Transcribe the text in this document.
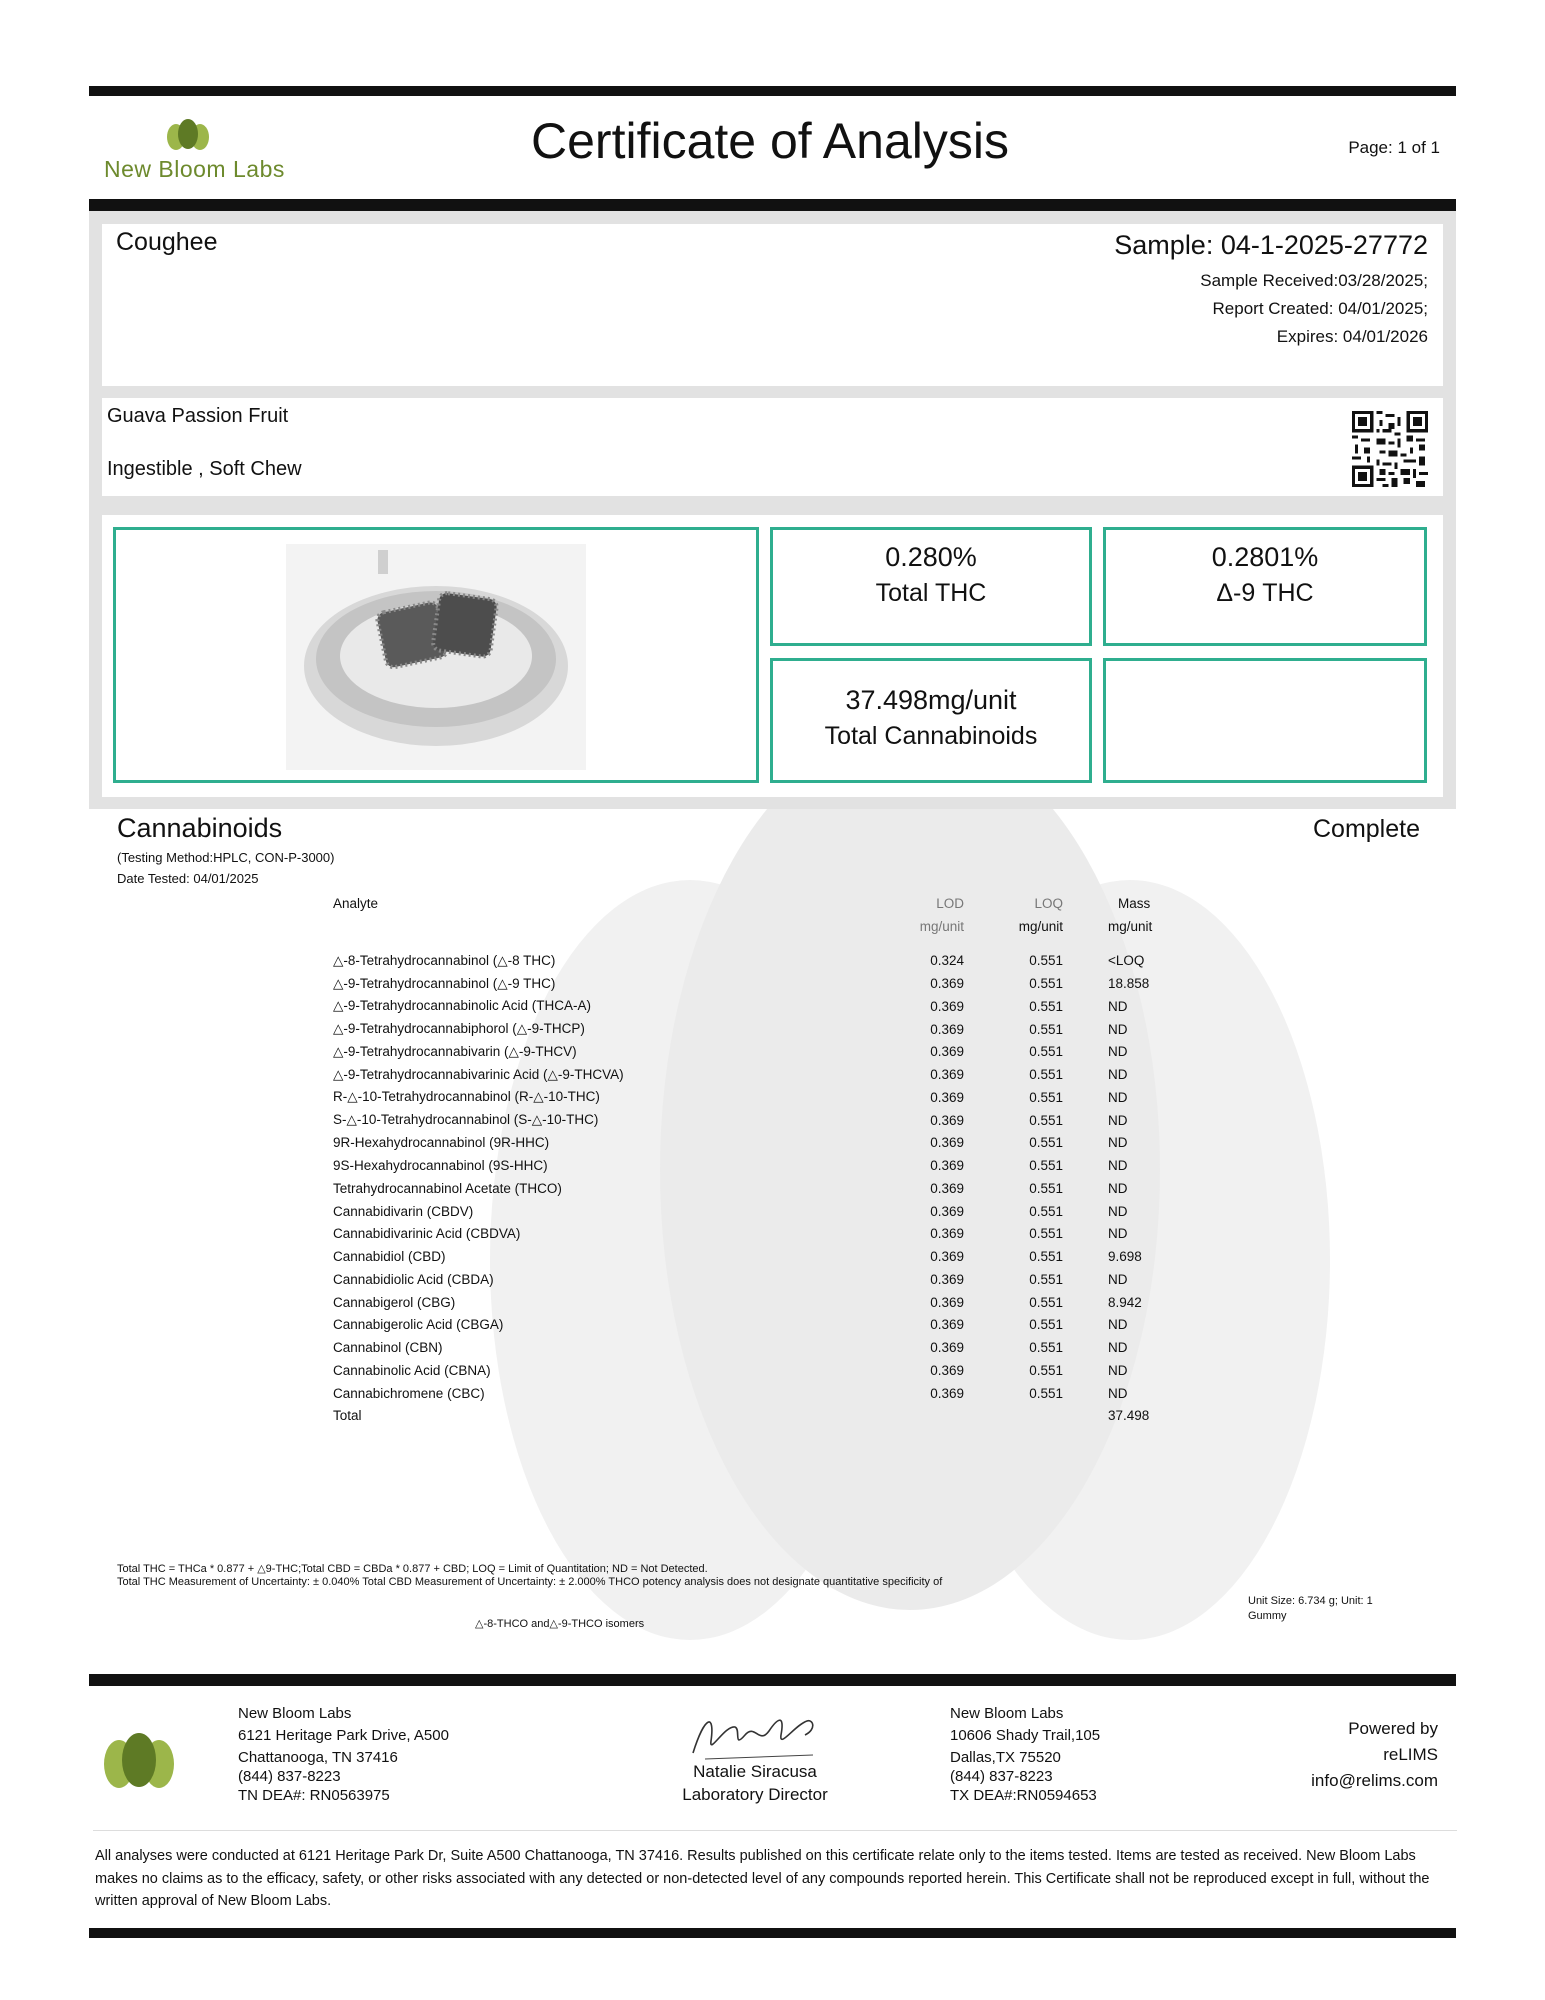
New Bloom Labs	Certificate of Analysis	Page: 1 of 1
Coughee	Sample: 04-1-2025-27772
Sample Received:03/28/2025;
Report Created: 04/01/2025;
Expires: 04/01/2026
Guava Passion Fruit
Ingestible , Soft Chew
0.280%
Total THC
0.2801%
Δ-9 THC
37.498mg/unit
Total Cannabinoids
Cannabinoids	Complete
(Testing Method:HPLC, CON-P-3000)
Date Tested: 04/01/2025
Analyte	LOD	LOQ	Mass
	mg/unit	mg/unit	mg/unit

△-8-Tetrahydrocannabinol (△-8 THC)	0.324	0.551	<LOQ
△-9-Tetrahydrocannabinol (△-9 THC)	0.369	0.551	18.858
△-9-Tetrahydrocannabinolic Acid (THCA-A)	0.369	0.551	ND
△-9-Tetrahydrocannabiphorol (△-9-THCP)	0.369	0.551	ND
△-9-Tetrahydrocannabivarin (△-9-THCV)	0.369	0.551	ND
△-9-Tetrahydrocannabivarinic Acid (△-9-THCVA)	0.369	0.551	ND
R-△-10-Tetrahydrocannabinol (R-△-10-THC)	0.369	0.551	ND
S-△-10-Tetrahydrocannabinol (S-△-10-THC)	0.369	0.551	ND
9R-Hexahydrocannabinol (9R-HHC)	0.369	0.551	ND
9S-Hexahydrocannabinol (9S-HHC)	0.369	0.551	ND
Tetrahydrocannabinol Acetate (THCO)	0.369	0.551	ND
Cannabidivarin (CBDV)	0.369	0.551	ND
Cannabidivarinic Acid (CBDVA)	0.369	0.551	ND
Cannabidiol (CBD)	0.369	0.551	9.698
Cannabidiolic Acid (CBDA)	0.369	0.551	ND
Cannabigerol (CBG)	0.369	0.551	8.942
Cannabigerolic Acid (CBGA)	0.369	0.551	ND
Cannabinol (CBN)	0.369	0.551	ND
Cannabinolic Acid (CBNA)	0.369	0.551	ND
Cannabichromene (CBC)	0.369	0.551	ND
Total			37.498
Total THC = THCa * 0.877 + △9-THC;Total CBD = CBDa * 0.877 + CBD; LOQ = Limit of Quantitation; ND = Not Detected.
Total THC Measurement of Uncertainty: ± 0.040% Total CBD Measurement of Uncertainty: ± 2.000% THCO potency analysis does not designate quantitative specificity of
△-8-THCO and△-9-THCO isomers
Unit Size: 6.734 g; Unit: 1 Gummy
New Bloom Labs
6121 Heritage Park Drive, A500
Chattanooga, TN 37416
(844) 837-8223
TN DEA#: RN0563975
Natalie Siracusa
Laboratory Director
New Bloom Labs
10606 Shady Trail,105
Dallas,TX 75520
(844) 837-8223
TX DEA#:RN0594653
Powered by
reLIMS
info@relims.com
All analyses were conducted at 6121 Heritage Park Dr, Suite A500 Chattanooga, TN 37416. Results published on this certificate relate only to the items tested. Items are tested as received. New Bloom Labs makes no claims as to the efficacy, safety, or other risks associated with any detected or non-detected level of any compounds reported herein. This Certificate shall not be reproduced except in full, without the written approval of New Bloom Labs.
